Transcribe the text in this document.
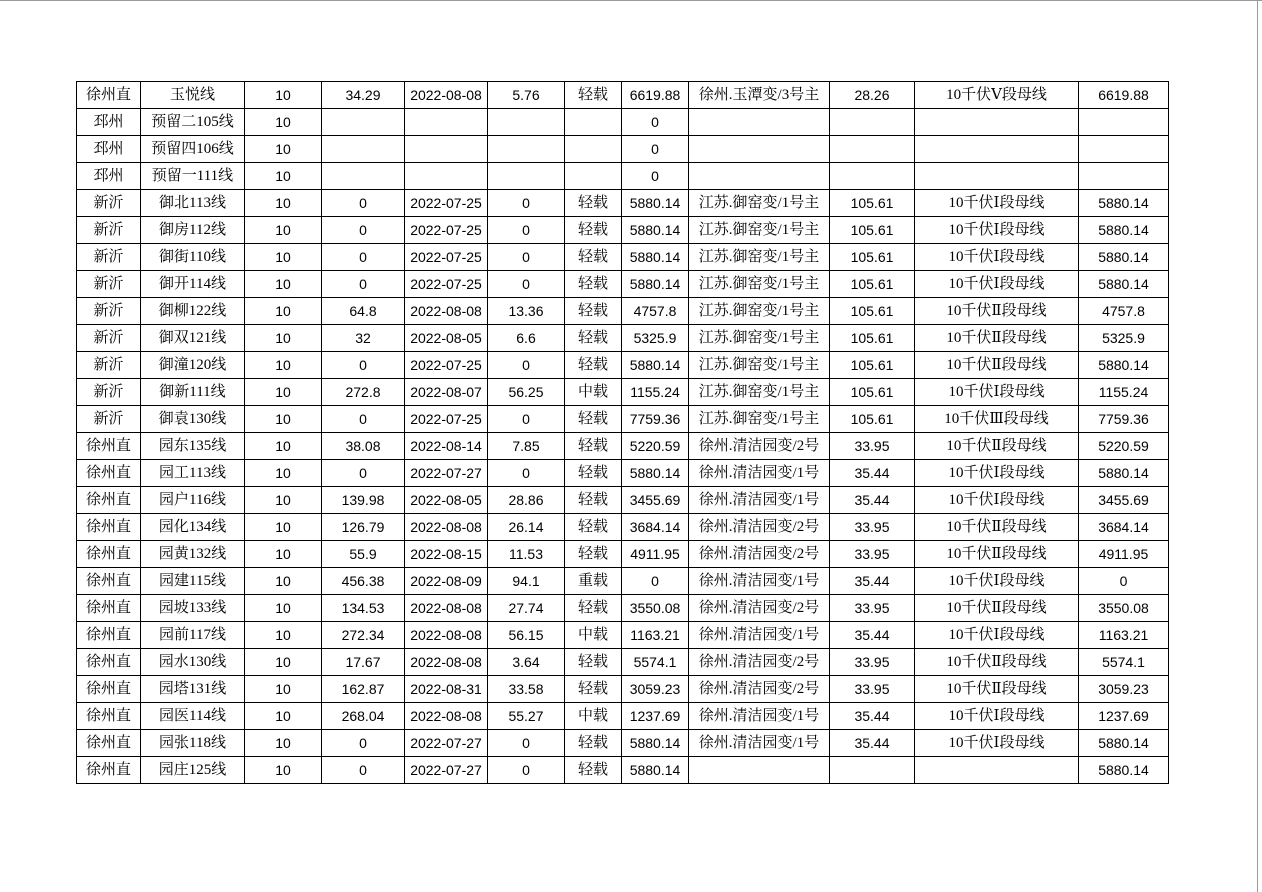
徐州直	玉悦线	10	34.29	2022-08-08	5.76	轻载	6619.88	徐州.玉潭变/3号主	28.26	10千伏Ⅴ段母线	6619.88
邳州	预留二105线	10					0				
邳州	预留四106线	10					0				
邳州	预留一111线	10					0				
新沂	御北113线	10	0	2022-07-25	0	轻载	5880.14	江苏.御窑变/1号主	105.61	10千伏Ⅰ段母线	5880.14
新沂	御房112线	10	0	2022-07-25	0	轻载	5880.14	江苏.御窑变/1号主	105.61	10千伏Ⅰ段母线	5880.14
新沂	御街110线	10	0	2022-07-25	0	轻载	5880.14	江苏.御窑变/1号主	105.61	10千伏Ⅰ段母线	5880.14
新沂	御开114线	10	0	2022-07-25	0	轻载	5880.14	江苏.御窑变/1号主	105.61	10千伏Ⅰ段母线	5880.14
新沂	御柳122线	10	64.8	2022-08-08	13.36	轻载	4757.8	江苏.御窑变/1号主	105.61	10千伏Ⅱ段母线	4757.8
新沂	御双121线	10	32	2022-08-05	6.6	轻载	5325.9	江苏.御窑变/1号主	105.61	10千伏Ⅱ段母线	5325.9
新沂	御潼120线	10	0	2022-07-25	0	轻载	5880.14	江苏.御窑变/1号主	105.61	10千伏Ⅱ段母线	5880.14
新沂	御新111线	10	272.8	2022-08-07	56.25	中载	1155.24	江苏.御窑变/1号主	105.61	10千伏Ⅰ段母线	1155.24
新沂	御袁130线	10	0	2022-07-25	0	轻载	7759.36	江苏.御窑变/1号主	105.61	10千伏Ⅲ段母线	7759.36
徐州直	园东135线	10	38.08	2022-08-14	7.85	轻载	5220.59	徐州.清洁园变/2号	33.95	10千伏Ⅱ段母线	5220.59
徐州直	园工113线	10	0	2022-07-27	0	轻载	5880.14	徐州.清洁园变/1号	35.44	10千伏Ⅰ段母线	5880.14
徐州直	园户116线	10	139.98	2022-08-05	28.86	轻载	3455.69	徐州.清洁园变/1号	35.44	10千伏Ⅰ段母线	3455.69
徐州直	园化134线	10	126.79	2022-08-08	26.14	轻载	3684.14	徐州.清洁园变/2号	33.95	10千伏Ⅱ段母线	3684.14
徐州直	园黄132线	10	55.9	2022-08-15	11.53	轻载	4911.95	徐州.清洁园变/2号	33.95	10千伏Ⅱ段母线	4911.95
徐州直	园建115线	10	456.38	2022-08-09	94.1	重载	0	徐州.清洁园变/1号	35.44	10千伏Ⅰ段母线	0
徐州直	园坡133线	10	134.53	2022-08-08	27.74	轻载	3550.08	徐州.清洁园变/2号	33.95	10千伏Ⅱ段母线	3550.08
徐州直	园前117线	10	272.34	2022-08-08	56.15	中载	1163.21	徐州.清洁园变/1号	35.44	10千伏Ⅰ段母线	1163.21
徐州直	园水130线	10	17.67	2022-08-08	3.64	轻载	5574.1	徐州.清洁园变/2号	33.95	10千伏Ⅱ段母线	5574.1
徐州直	园塔131线	10	162.87	2022-08-31	33.58	轻载	3059.23	徐州.清洁园变/2号	33.95	10千伏Ⅱ段母线	3059.23
徐州直	园医114线	10	268.04	2022-08-08	55.27	中载	1237.69	徐州.清洁园变/1号	35.44	10千伏Ⅰ段母线	1237.69
徐州直	园张118线	10	0	2022-07-27	0	轻载	5880.14	徐州.清洁园变/1号	35.44	10千伏Ⅰ段母线	5880.14
徐州直	园庄125线	10	0	2022-07-27	0	轻载	5880.14				5880.14
